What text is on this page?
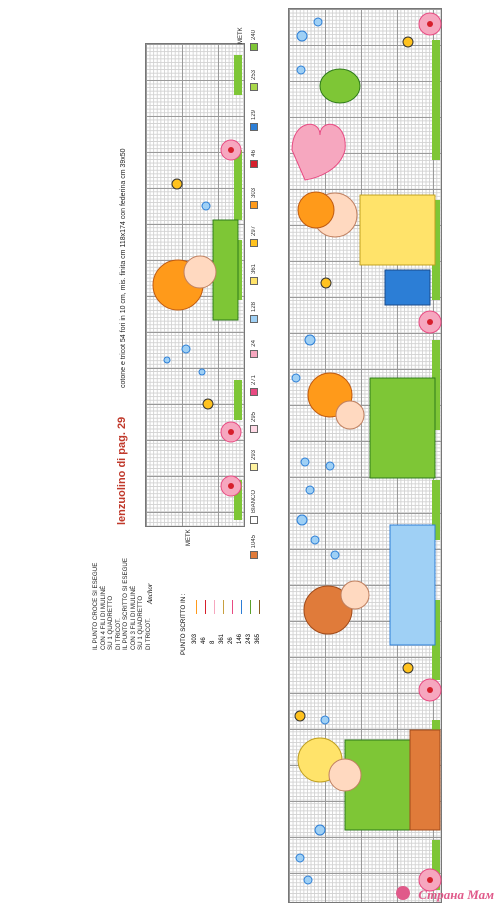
METK
METK
lenzuolino di pag. 29
cotone e tricot 54 fori in 10 cm, mis. finita cm 118x174 con federina cm 39x50
240
253
129
46
303
297
361
128
24
271
295
293
BIANCO
1045
IL PUNTO CROCE SI ESEGUE CON 4 FILI DI MULINÉ SU 1 QUADRETTO DI TRICOT. IL PUNTO SCRITTO SI ESEGUE CON 3 FILI DI MULINÉ SU 1 QUADRETTO DI TRICOT.
Anchor	PUNTO SCRITTO IN : 303 46 8 361 26 146 243 365
Страна Мам
